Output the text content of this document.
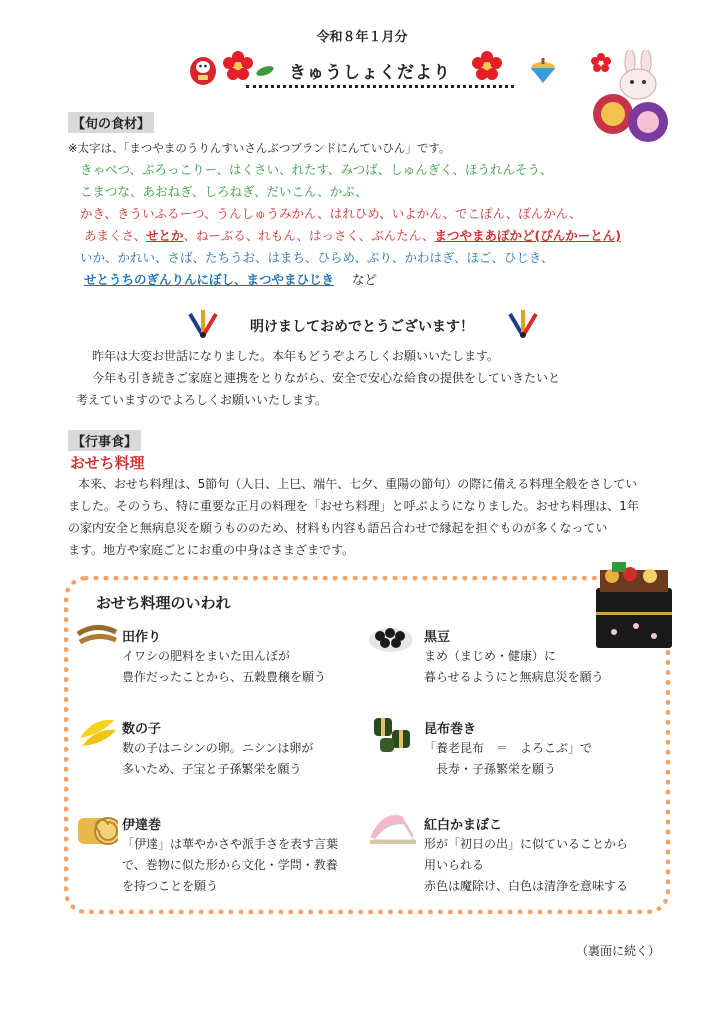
令和８年１月分
きゅうしょくだより
【旬の食材】
※太字は、「まつやまのうりんすいさんぶつブランドにんていひん」です。
きゃべつ、ぶろっこりー、はくさい、れたす、みつば、しゅんぎく、ほうれんそう、
こまつな、あおねぎ、しろねぎ、だいこん、かぶ、
かき、きういふるーつ、うんしゅうみかん、はれひめ、いよかん、でこぽん、ぽんかん、
あまくさ、せとか、ねーぶる、れもん、はっさく、ぶんたん、まつやまあぽかど(ぴんかーとん)
いか、かれい、さば、たちうお、はまち、ひらめ、ぶり、かわはぎ、ほご、ひじき、
せとうちのぎんりんにぼし、まつやまひじき など
明けましておめでとうございます！
昨年は大変お世話になりました。本年もどうぞよろしくお願いいたします。
今年も引き続きご家庭と連携をとりながら、安全で安心な給食の提供をしていきたいと
考えていますのでよろしくお願いいたします。
【行事食】
おせち料理
本来、おせち料理は、5節句（人日、上巳、端午、七夕、重陽の節句）の際に備える料理全般をさしてい
ました。そのうち、特に重要な正月の料理を「おせち料理」と呼ぶようになりました。おせち料理は、1年
の家内安全と無病息災を願うもののため、材料も内容も語呂合わせで縁起を担ぐものが多くなってい
ます。地方や家庭ごとにお重の中身はさまざまです。
おせち料理のいわれ
田作り
イワシの肥料をまいた田んぼが
豊作だったことから、五穀豊穣を願う
黒豆
まめ（まじめ・健康）に
暮らせるようにと無病息災を願う
数の子
数の子はニシンの卵。ニシンは卵が
多いため、子宝と子孫繁栄を願う
昆布巻き
「養老昆布　＝　よろこぶ」で
　長寿・子孫繁栄を願う
伊達巻
「伊達」は華やかさや派手さを表す言葉
で、巻物に似た形から文化・学問・教養
を持つことを願う
紅白かまぼこ
形が「初日の出」に似ていることから
用いられる
赤色は魔除け、白色は清浄を意味する
（裏面に続く）
